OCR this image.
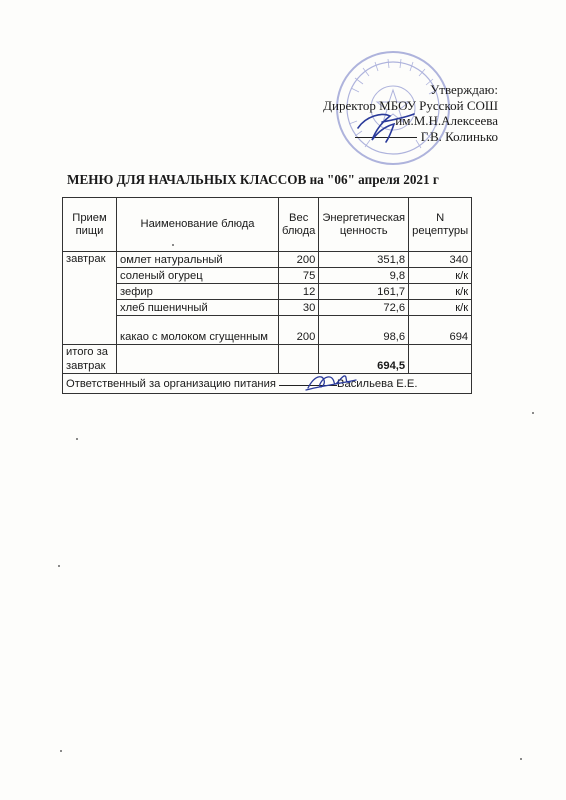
Утверждаю:
Директор МБОУ Русской СОШ
им.М.Н.Алексеева
Г.В. Колинько
МЕНЮ ДЛЯ НАЧАЛЬНЫХ КЛАССОВ на "06" апреля 2021 г
Прием пищи	Наименование блюда	Вес блюда	Энергетическая ценность	N рецептуры
завтрак	омлет натуральный	200	351,8	340
	соленый огурец	75	9,8	к/к
	зефир	12	161,7	к/к
	хлеб пшеничный	30	72,6	к/к
	какао с молоком сгущенным	200	98,6	694
итого за завтрак			694,5	
Ответственный за организацию питания Васильева Е.Е.				
